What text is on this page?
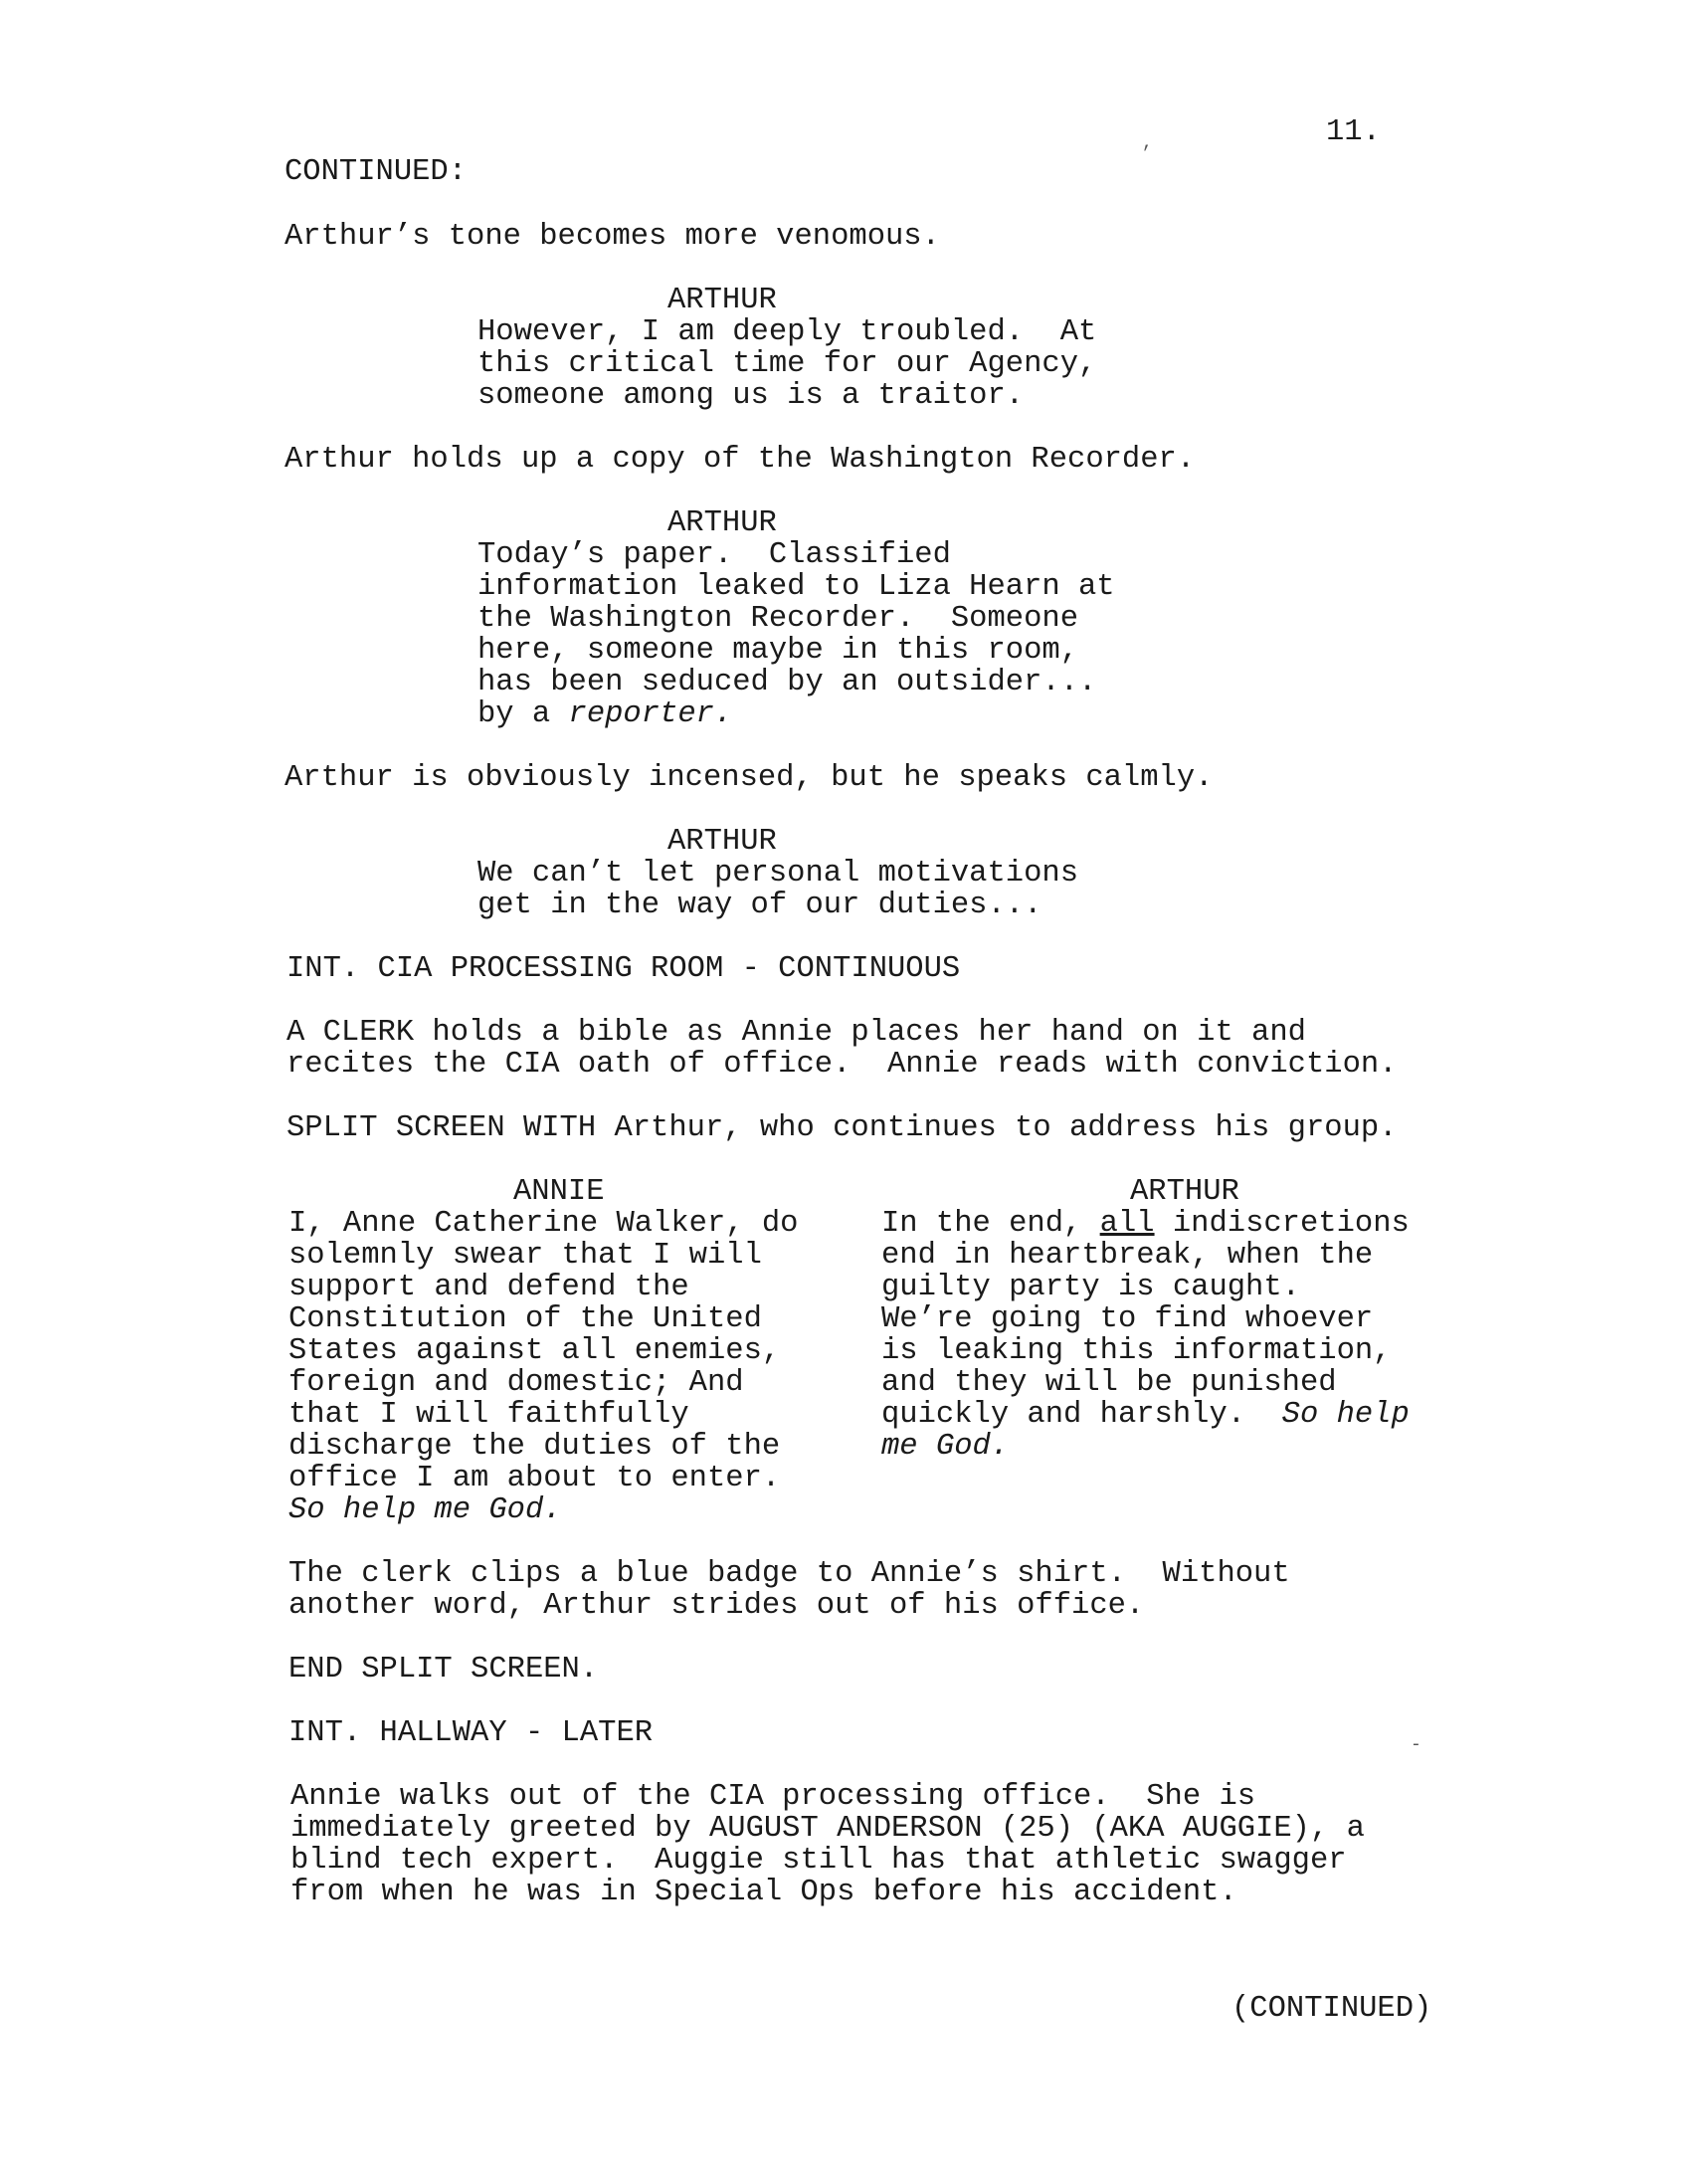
,
-
11.
CONTINUED:
Arthur’s tone becomes more venomous.
ARTHUR
However, I am deeply troubled.  At
this critical time for our Agency,
someone among us is a traitor.
Arthur holds up a copy of the Washington Recorder.
ARTHUR
Today’s paper.  Classified
information leaked to Liza Hearn at
the Washington Recorder.  Someone
here, someone maybe in this room,
has been seduced by an outsider...
by a reporter.
Arthur is obviously incensed, but he speaks calmly.
ARTHUR
We can’t let personal motivations
get in the way of our duties...
INT. CIA PROCESSING ROOM - CONTINUOUS
A CLERK holds a bible as Annie places her hand on it and
recites the CIA oath of office.  Annie reads with conviction.
SPLIT SCREEN WITH Arthur, who continues to address his group.
ANNIE
I, Anne Catherine Walker, do
solemnly swear that I will
support and defend the
Constitution of the United
States against all enemies,
foreign and domestic; And
that I will faithfully
discharge the duties of the
office I am about to enter.
So help me God.
ARTHUR
In the end, all indiscretions
end in heartbreak, when the
guilty party is caught.
We’re going to find whoever
is leaking this information,
and they will be punished
quickly and harshly.  So help
me God.
The clerk clips a blue badge to Annie’s shirt.  Without
another word, Arthur strides out of his office.
END SPLIT SCREEN.
INT. HALLWAY - LATER
Annie walks out of the CIA processing office.  She is
immediately greeted by AUGUST ANDERSON (25) (AKA AUGGIE), a
blind tech expert.  Auggie still has that athletic swagger
from when he was in Special Ops before his accident.
(CONTINUED)
